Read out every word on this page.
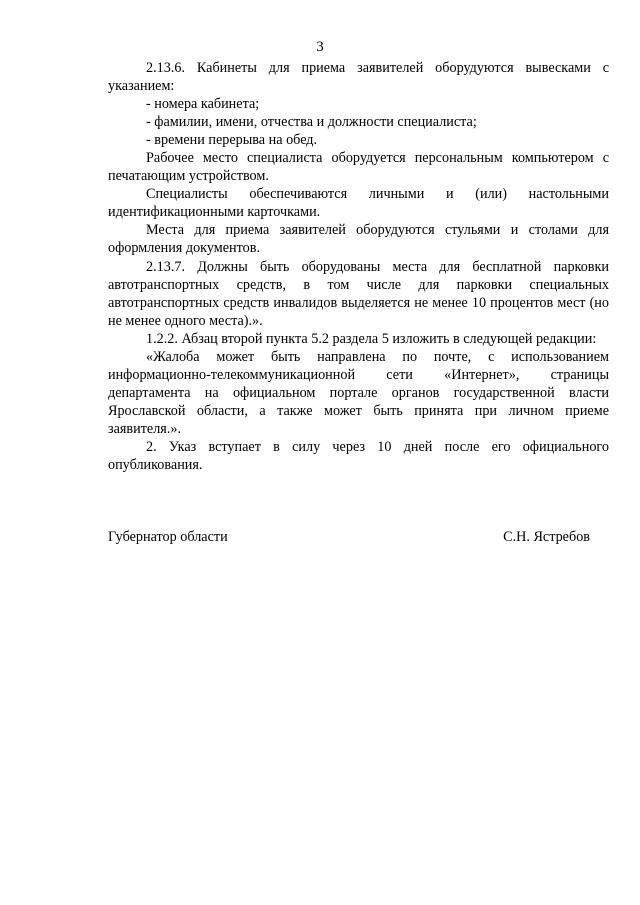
3

2.13.6. Кабинеты для приема заявителей оборудуются вывесками с указанием:

- номера кабинета;

- фамилии, имени, отчества и должности специалиста;

- времени перерыва на обед.

Рабочее место специалиста оборудуется персональным компьютером с печатающим устройством.

Специалисты обеспечиваются личными и (или) настольными идентификационными карточками.

Места для приема заявителей оборудуются стульями и столами для оформления документов.

2.13.7. Должны быть оборудованы места для бесплатной парковки автотранспортных средств, в том числе для парковки специальных автотранспортных средств инвалидов выделяется не менее 10 процентов мест (но не менее одного места).».

1.2.2. Абзац второй пункта 5.2 раздела 5 изложить в следующей редакции:

«Жалоба может быть направлена по почте, с использованием информационно-телекоммуникационной сети «Интернет», страницы департамента на официальном портале органов государственной власти Ярославской области, а также может быть принята при личном приеме заявителя.».

2. Указ вступает в силу через 10 дней после его официального опубликования.

Губернатор области	С.Н. Ястребов
